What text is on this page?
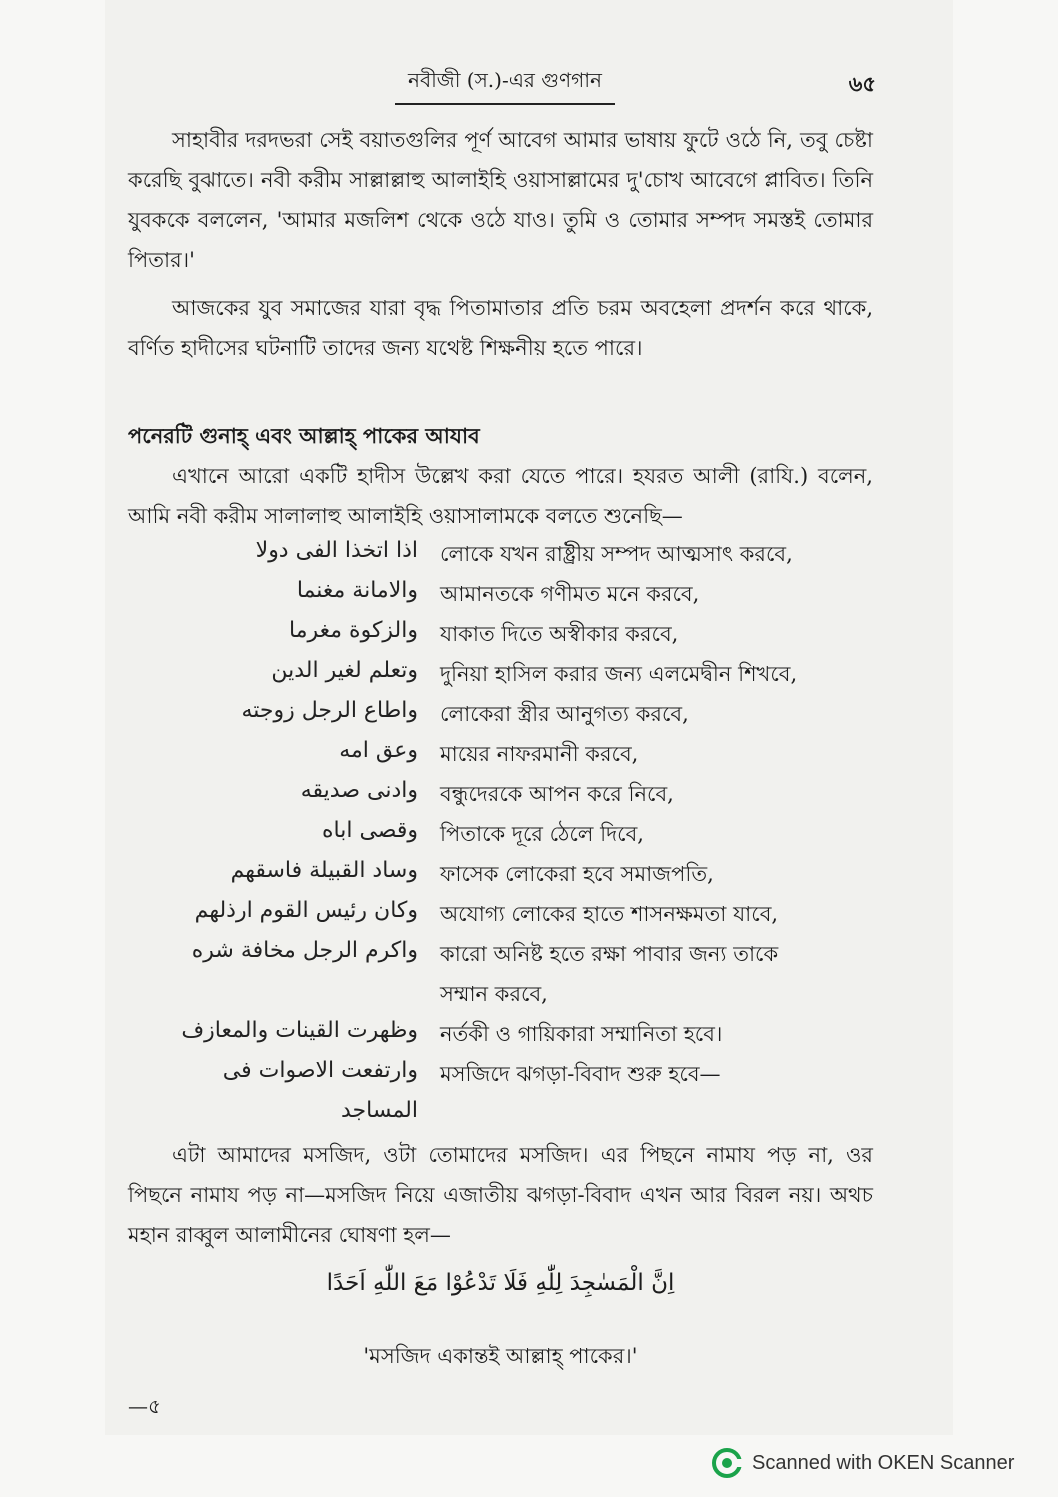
নবীজী (স.)-এর গুণগান	৬৫

সাহাবীর দরদভরা সেই বয়াতগুলির পূর্ণ আবেগ আমার ভাষায় ফুটে ওঠে নি, তবু চেষ্টা করেছি বুঝাতে। নবী করীম সাল্লাল্লাহু আলাইহি ওয়াসাল্লামের দু'চোখ আবেগে প্লাবিত। তিনি যুবককে বললেন, 'আমার মজলিশ থেকে ওঠে যাও। তুমি ও তোমার সম্পদ সমস্তই তোমার পিতার।'

আজকের যুব সমাজের যারা বৃদ্ধ পিতামাতার প্রতি চরম অবহেলা প্রদর্শন করে থাকে, বর্ণিত হাদীসের ঘটনাটি তাদের জন্য যথেষ্ট শিক্ষনীয় হতে পারে।

পনেরটি গুনাহ্ এবং আল্লাহ্ পাকের আযাব

এখানে আরো একটি হাদীস উল্লেখ করা যেতে পারে। হযরত আলী (রাযি.) বলেন, আমি নবী করীম সালালাহু আলাইহি ওয়াসালামকে বলতে শুনেছি—

اذا اتخذا الفى دولا লোকে যখন রাষ্ট্রীয় সম্পদ আত্মসাৎ করবে,
والامانة مغنما আমানতকে গণীমত মনে করবে,
والزكوة مغرما যাকাত দিতে অস্বীকার করবে,
وتعلم لغير الدين দুনিয়া হাসিল করার জন্য এলমেদ্বীন শিখবে,
واطاع الرجل زوجته লোকেরা স্ত্রীর আনুগত্য করবে,
وعق امه মায়ের নাফরমানী করবে,
وادنى صديقه বন্ধুদেরকে আপন করে নিবে,
وقصى اباه পিতাকে দূরে ঠেলে দিবে,
وساد القبيلة فاسقهم ফাসেক লোকেরা হবে সমাজপতি,
وكان رئيس القوم ارذلهم অযোগ্য লোকের হাতে শাসনক্ষমতা যাবে,
واكرم الرجل مخافة شره কারো অনিষ্ট হতে রক্ষা পাবার জন্য তাকে
সম্মান করবে,
وظهرت القينات والمعازف নর্তকী ও গায়িকারা সম্মানিতা হবে।
وارتفعت الاصوات فى মসজিদে ঝগড়া-বিবাদ শুরু হবে—
المساجد

এটা আমাদের মসজিদ, ওটা তোমাদের মসজিদ। এর পিছনে নামায পড় না, ওর পিছনে নামায পড় না—মসজিদ নিয়ে এজাতীয় ঝগড়া-বিবাদ এখন আর বিরল নয়। অথচ মহান রাব্বুল আলামীনের ঘোষণা হল—

اِنَّ الْمَسٰجِدَ لِلّٰهِ فَلَا تَدْعُوْا مَعَ اللّٰهِ اَحَدًا
'মসজিদ একান্তই আল্লাহ্ পাকের।'
—৫
Scanned with OKEN Scanner
